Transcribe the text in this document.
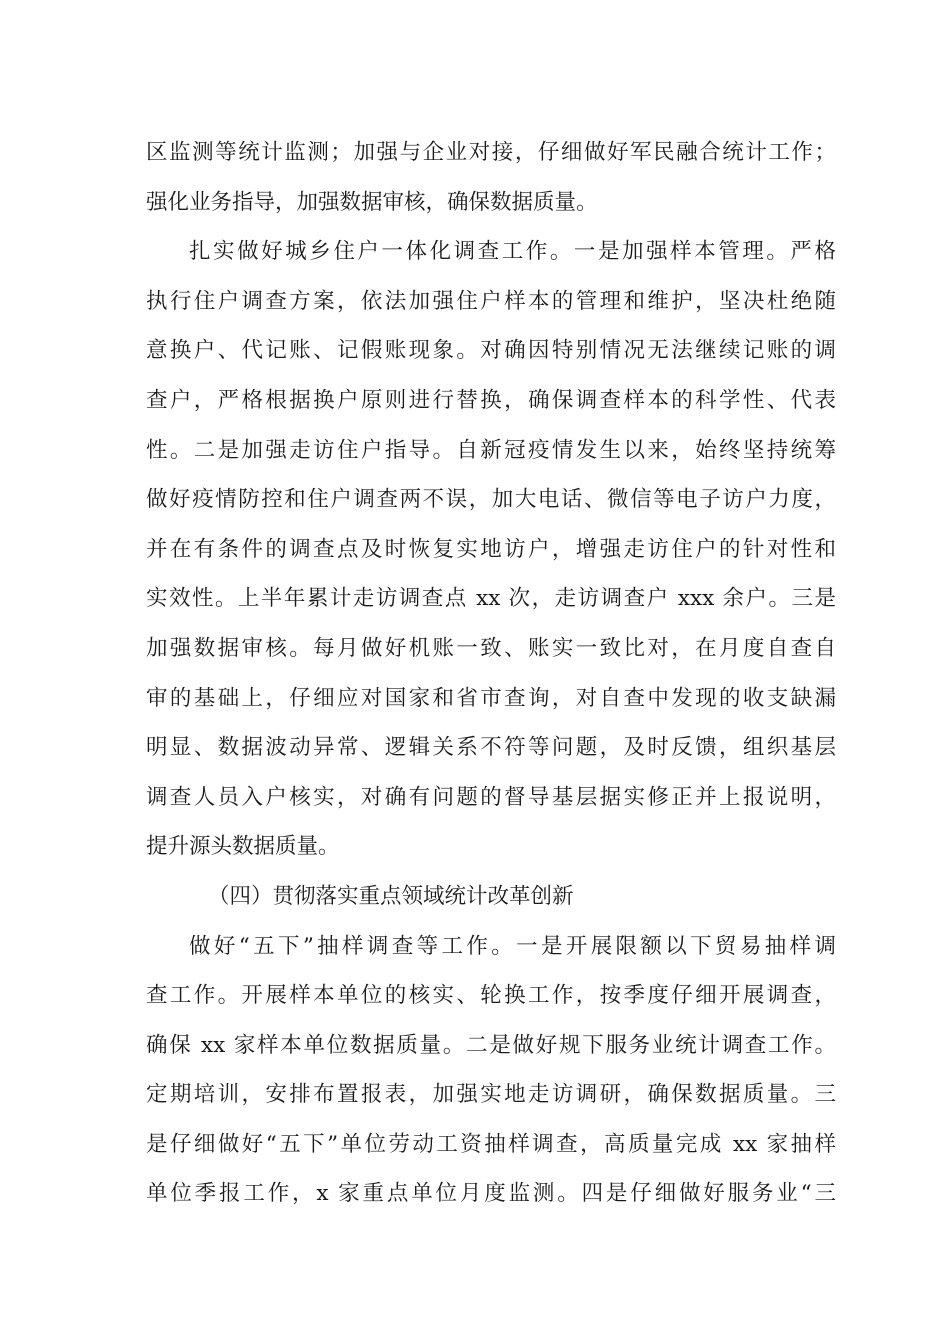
区监测等统计监测；加强与企业对接，仔细做好军民融合统计工作；
强化业务指导，加强数据审核，确保数据质量。
扎实做好城乡住户一体化调查工作。一是加强样本管理。严格
执行住户调查方案，依法加强住户样本的管理和维护，坚决杜绝随
意换户、代记账、记假账现象。对确因特别情况无法继续记账的调
查户，严格根据换户原则进行替换，确保调查样本的科学性、代表
性。二是加强走访住户指导。自新冠疫情发生以来，始终坚持统筹
做好疫情防控和住户调查两不误，加大电话、微信等电子访户力度，
并在有条件的调查点及时恢复实地访户，增强走访住户的针对性和
实效性。上半年累计走访调查点 xx 次，走访调查户 xxx 余户。三是
加强数据审核。每月做好机账一致、账实一致比对，在月度自查自
审的基础上，仔细应对国家和省市查询，对自查中发现的收支缺漏
明显、数据波动异常、逻辑关系不符等问题，及时反馈，组织基层
调查人员入户核实，对确有问题的督导基层据实修正并上报说明，
提升源头数据质量。
（四）贯彻落实重点领域统计改革创新
做好“五下”抽样调查等工作。一是开展限额以下贸易抽样调
查工作。开展样本单位的核实、轮换工作，按季度仔细开展调查，
确保 xx 家样本单位数据质量。二是做好规下服务业统计调查工作。
定期培训，安排布置报表，加强实地走访调研，确保数据质量。三
是仔细做好“五下”单位劳动工资抽样调查，高质量完成 xx 家抽样
单位季报工作，x 家重点单位月度监测。四是仔细做好服务业“三
